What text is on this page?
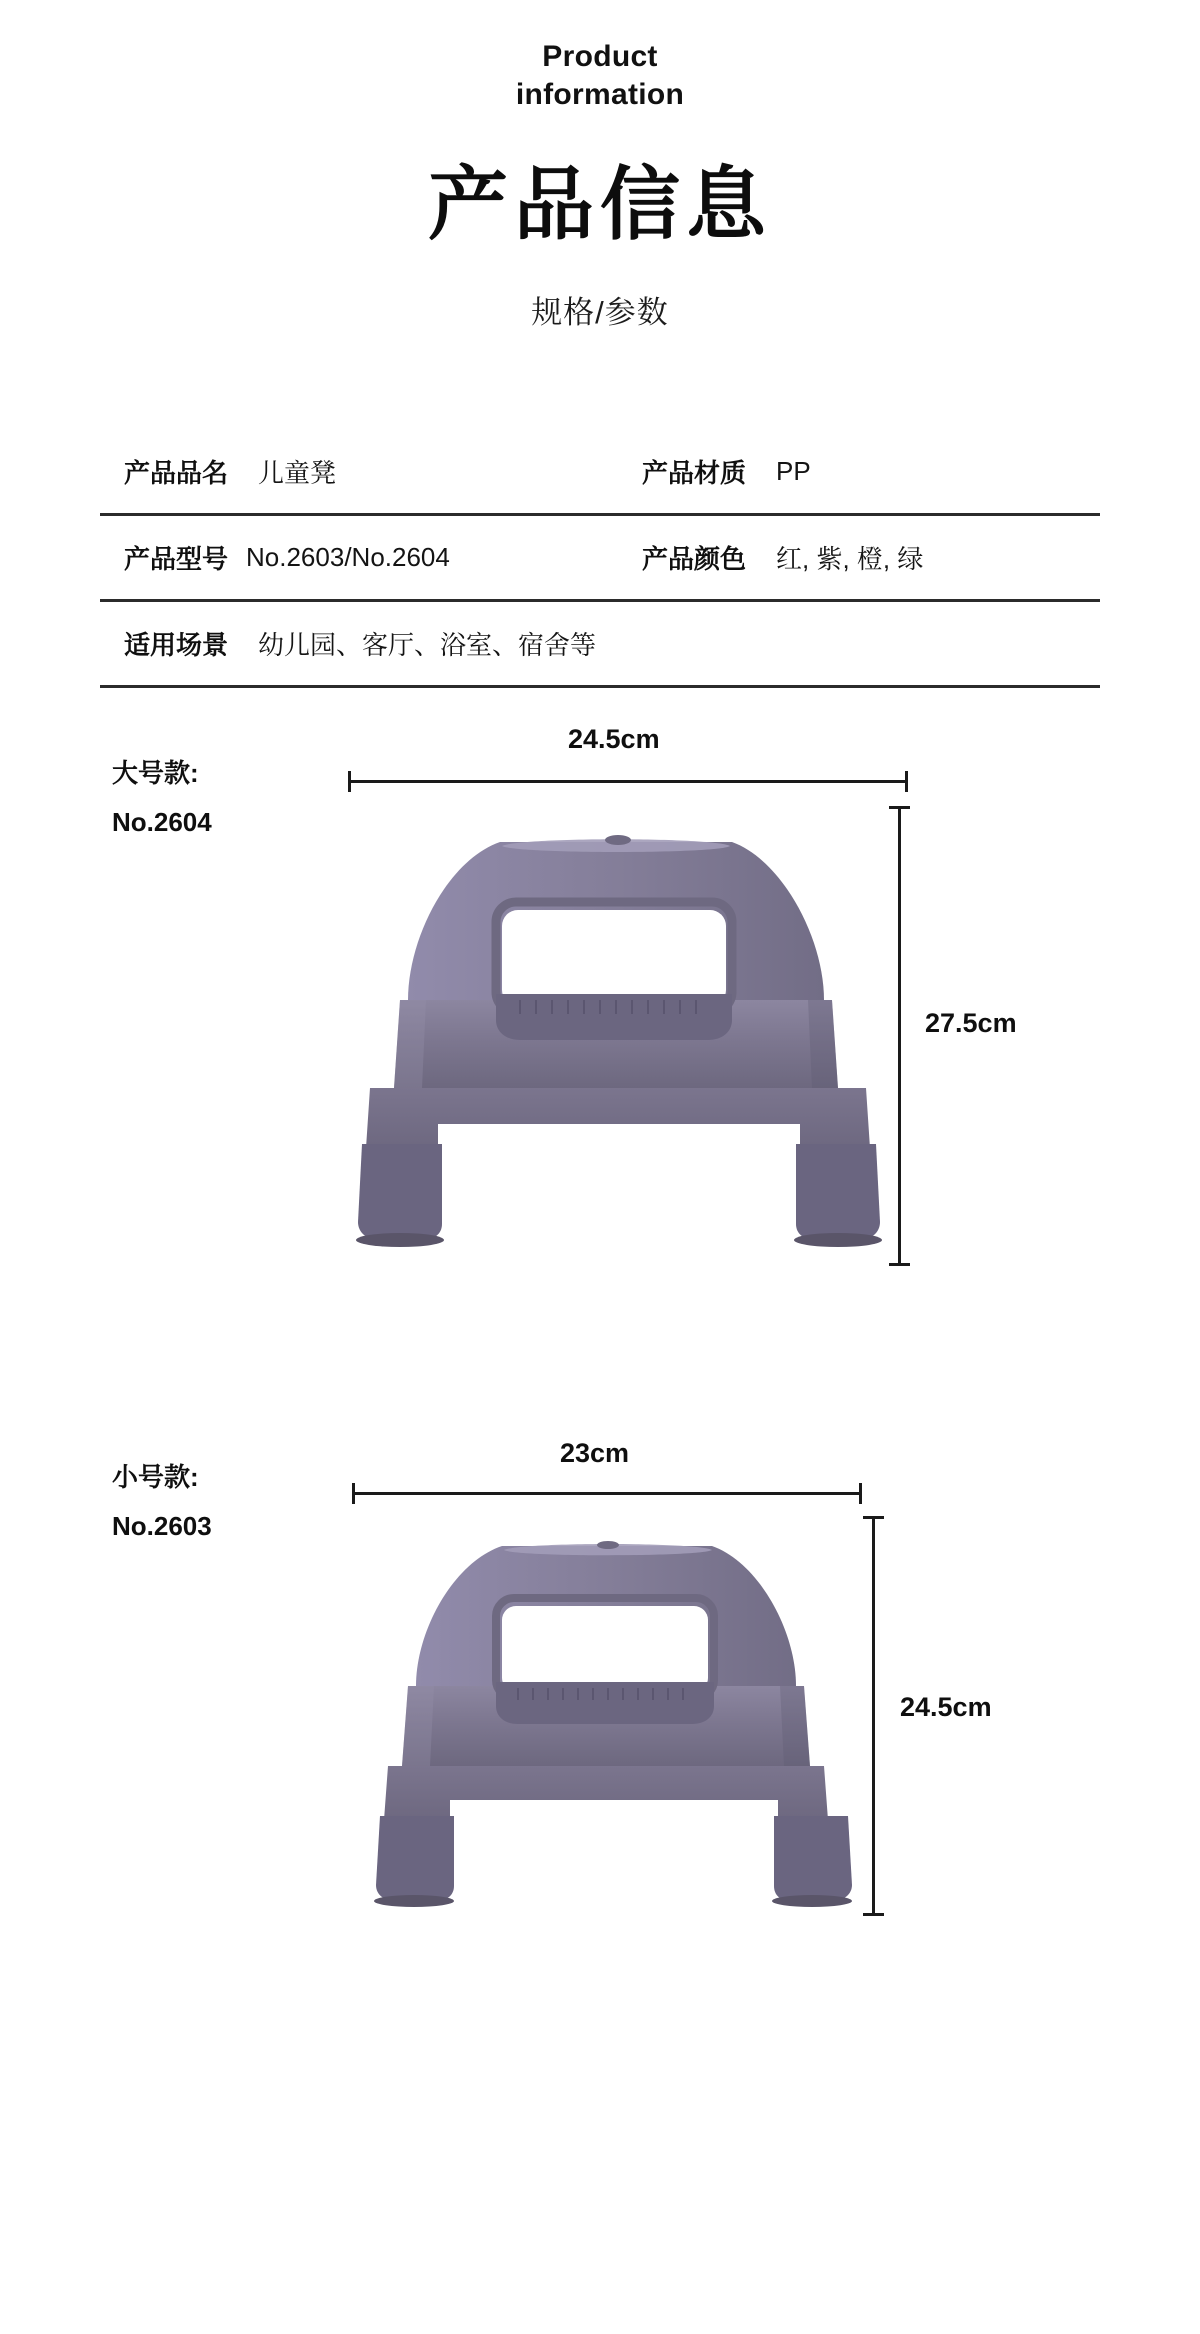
Product
information
产品信息
规格/参数
产品品名 儿童凳	产品材质 PP
产品型号 No.2603/No.2604	产品颜色 红, 紫, 橙, 绿
适用场景 幼儿园、客厅、浴室、宿舍等
大号款:
No.2604
24.5cm
27.5cm
小号款:
No.2603
23cm
24.5cm
